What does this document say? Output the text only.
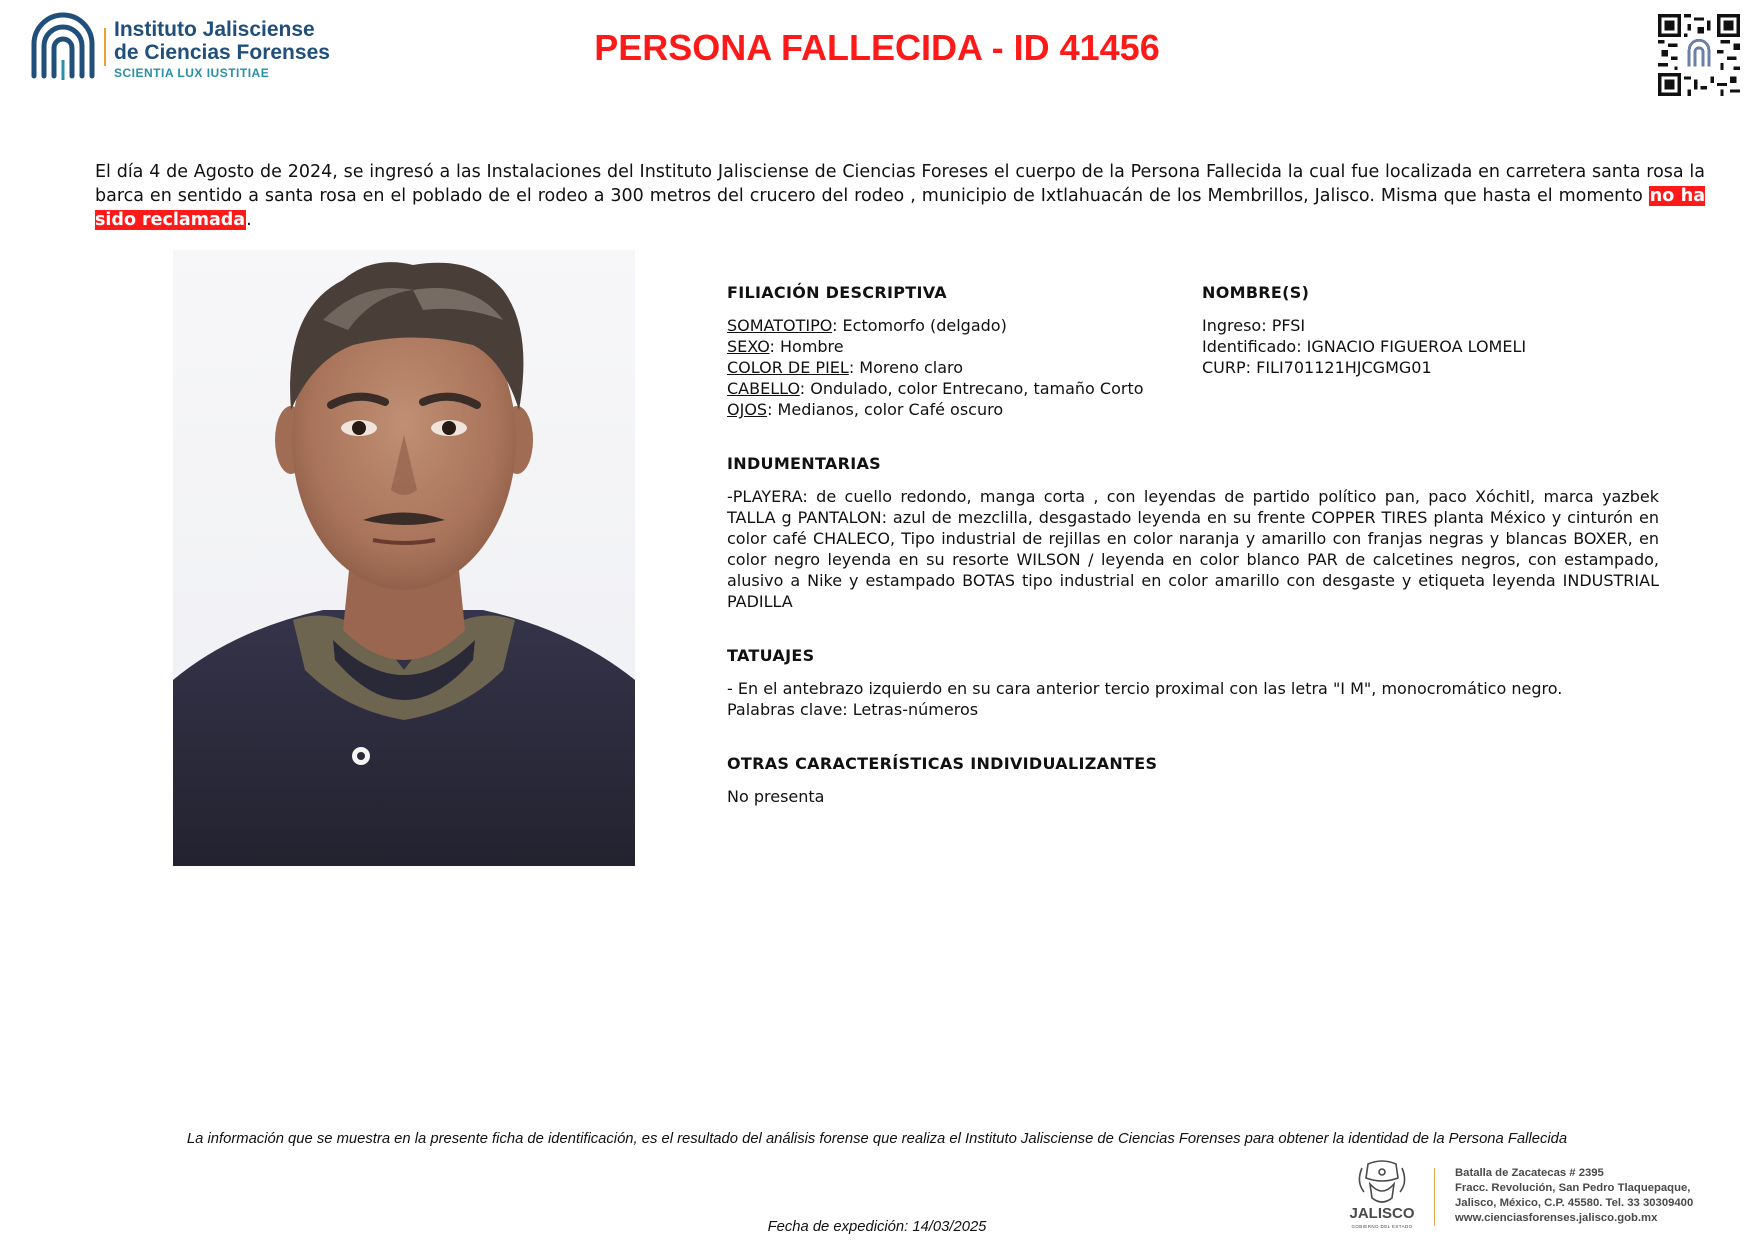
Instituto Jalisciense
de Ciencias Forenses
SCIENTIA LUX IUSTITIAE
PERSONA FALLECIDA - ID 41456
El día 4 de Agosto de 2024, se ingresó a las Instalaciones del Instituto Jalisciense de Ciencias Foreses el cuerpo de la Persona Fallecida la cual fue localizada en carretera santa rosa la barca en sentido a santa rosa en el poblado de el rodeo a 300 metros del crucero del rodeo , municipio de Ixtlahuacán de los Membrillos, Jalisco. Misma que hasta el momento no ha sido reclamada.
FILIACIÓN DESCRIPTIVA
SOMATOTIPO: Ectomorfo (delgado)
SEXO: Hombre
COLOR DE PIEL: Moreno claro
CABELLO: Ondulado, color Entrecano, tamaño Corto
OJOS: Medianos, color Café oscuro
NOMBRE(S)
Ingreso: PFSI
Identificado: IGNACIO FIGUEROA LOMELI
CURP: FILI701121HJCGMG01
INDUMENTARIAS
-PLAYERA: de cuello redondo, manga corta , con leyendas de partido político pan, paco Xóchitl, marca yazbek TALLA g PANTALON: azul de mezclilla, desgastado leyenda en su frente COPPER TIRES planta México y cinturón en color café CHALECO, Tipo industrial de rejillas en color naranja y amarillo con franjas negras y blancas BOXER, en color negro leyenda en su resorte WILSON / leyenda en color blanco PAR de calcetines negros, con estampado, alusivo a Nike y estampado BOTAS tipo industrial en color amarillo con desgaste y etiqueta leyenda INDUSTRIAL PADILLA
TATUAJES
- En el antebrazo izquierdo en su cara anterior tercio proximal con las letra "I M", monocromático negro.
Palabras clave: Letras-números
OTRAS CARACTERÍSTICAS INDIVIDUALIZANTES
No presenta
La información que se muestra en la presente ficha de identificación, es el resultado del análisis forense que realiza el Instituto Jalisciense de Ciencias Forenses para obtener la identidad de la Persona Fallecida
Fecha de expedición: 14/03/2025
JALISCO
GOBIERNO DEL ESTADO
Batalla de Zacatecas # 2395
Fracc. Revolución, San Pedro Tlaquepaque,
Jalisco, México, C.P. 45580. Tel. 33 30309400
www.cienciasforenses.jalisco.gob.mx
